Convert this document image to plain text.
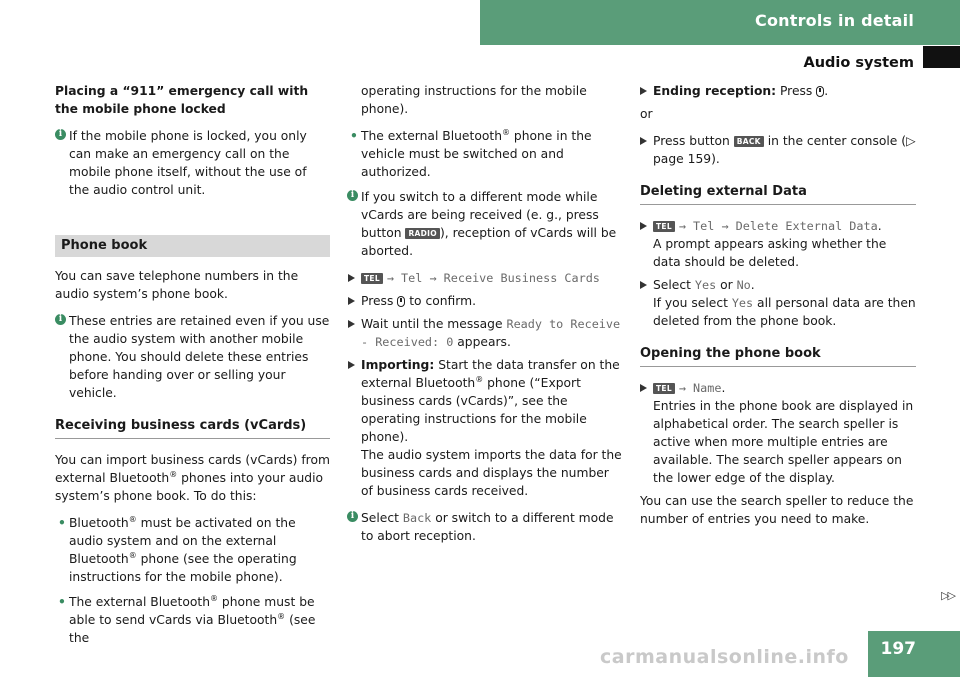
Controls in detail
Audio system

Placing a “911” emergency call with the mobile phone locked

i If the mobile phone is locked, you only can make an emergency call on the mobile phone itself, without the use of the audio control unit.
Phone book

You can save telephone numbers in the audio system’s phone book.

i These entries are retained even if you use the audio system with another mobile phone. You should delete these entries before handing over or selling your vehicle.
Receiving business cards (vCards)

You can import business cards (vCards) from external Bluetooth® phones into your audio system’s phone book. To do this:

• Bluetooth® must be activated on the audio system and on the external Bluetooth® phone (see the operating instructions for the mobile phone).
• The external Bluetooth® phone must be able to send vCards via Bluetooth® (see the

operating instructions for the mobile phone).

• The external Bluetooth® phone in the vehicle must be switched on and authorized.
i If you switch to a different mode while vCards are being received (e. g., press button RADIO ), reception of vCards will be aborted.
TEL → Tel → Receive Business Cards
Press  to confirm.
Wait until the message Ready to Receive - Received: 0 appears.
Importing: Start the data transfer on the external Bluetooth® phone (“Export business cards (vCards)”, see the operating instructions for the mobile phone).
The audio system imports the data for the business cards and displays the number of business cards received.
i Select Back or switch to a different mode to abort reception.
Ending reception: Press .

or

Press button BACK in the center console (▷ page 159).
Deleting external Data
TEL → Tel → Delete External Data.
A prompt appears asking whether the data should be deleted.
Select Yes or No.
If you select Yes all personal data are then deleted from the phone book.
Opening the phone book
TEL → Name.
Entries in the phone book are displayed in alphabetical order. The search speller is active when more multiple entries are available. The search speller appears on the lower edge of the display.

You can use the search speller to reduce the number of entries you need to make.

▷▷
197
carmanualsonline.info
